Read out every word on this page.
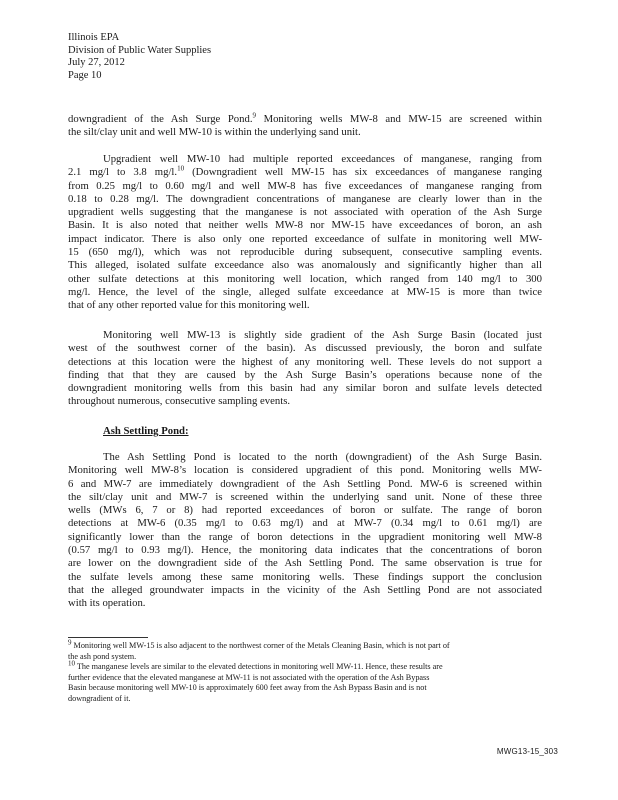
Illinois EPA
Division of Public Water Supplies
July 27, 2012
Page 10
downgradient of the Ash Surge Pond.$^9$ Monitoring wells MW-8 and MW-15 are screened within
the silt/clay unit and well MW-10 is within the underlying sand unit.
Upgradient well MW-10 had multiple reported exceedances of manganese, ranging from
2.1 mg/l to 3.8 mg/l.$^{10}$ (Downgradient well MW-15 has six exceedances of manganese ranging
from 0.25 mg/l to 0.60 mg/l and well MW-8 has five exceedances of manganese ranging from
0.18 to 0.28 mg/l. The downgradient concentrations of manganese are clearly lower than in the
upgradient wells suggesting that the manganese is not associated with operation of the Ash Surge
Basin. It is also noted that neither wells MW-8 nor MW-15 have exceedances of boron, an ash
impact indicator. There is also only one reported exceedance of sulfate in monitoring well MW-
15 (650 mg/l), which was not reproducible during subsequent, consecutive sampling events.
This alleged, isolated sulfate exceedance also was anomalously and significantly higher than all
other sulfate detections at this monitoring well location, which ranged from 140 mg/l to 300
mg/l. Hence, the level of the single, alleged sulfate exceedance at MW-15 is more than twice
that of any other reported value for this monitoring well.
Monitoring well MW-13 is slightly side gradient of the Ash Surge Basin (located just
west of the southwest corner of the basin). As discussed previously, the boron and sulfate
detections at this location were the highest of any monitoring well. These levels do not support a
finding that that they are caused by the Ash Surge Basin’s operations because none of the
downgradient monitoring wells from this basin had any similar boron and sulfate levels detected
throughout numerous, consecutive sampling events.
Ash Settling Pond:
The Ash Settling Pond is located to the north (downgradient) of the Ash Surge Basin.
Monitoring well MW-8’s location is considered upgradient of this pond. Monitoring wells MW-
6 and MW-7 are immediately downgradient of the Ash Settling Pond. MW-6 is screened within
the silt/clay unit and MW-7 is screened within the underlying sand unit. None of these three
wells (MWs 6, 7 or 8) had reported exceedances of boron or sulfate. The range of boron
detections at MW-6 (0.35 mg/l to 0.63 mg/l) and at MW-7 (0.34 mg/l to 0.61 mg/l) are
significantly lower than the range of boron detections in the upgradient monitoring well MW-8
(0.57 mg/l to 0.93 mg/l). Hence, the monitoring data indicates that the concentrations of boron
are lower on the downgradient side of the Ash Settling Pond. The same observation is true for
the sulfate levels among these same monitoring wells. These findings support the conclusion
that the alleged groundwater impacts in the vicinity of the Ash Settling Pond are not associated
with its operation.
$^9$ Monitoring well MW-15 is also adjacent to the northwest corner of the Metals Cleaning Basin, which is not part of
the ash pond system.
$^{10}$ The manganese levels are similar to the elevated detections in monitoring well MW-11. Hence, these results are
further evidence that the elevated manganese at MW-11 is not associated with the operation of the Ash Bypass
Basin because monitoring well MW-10 is approximately 600 feet away from the Ash Bypass Basin and is not
downgradient of it.
MWG13-15_303
